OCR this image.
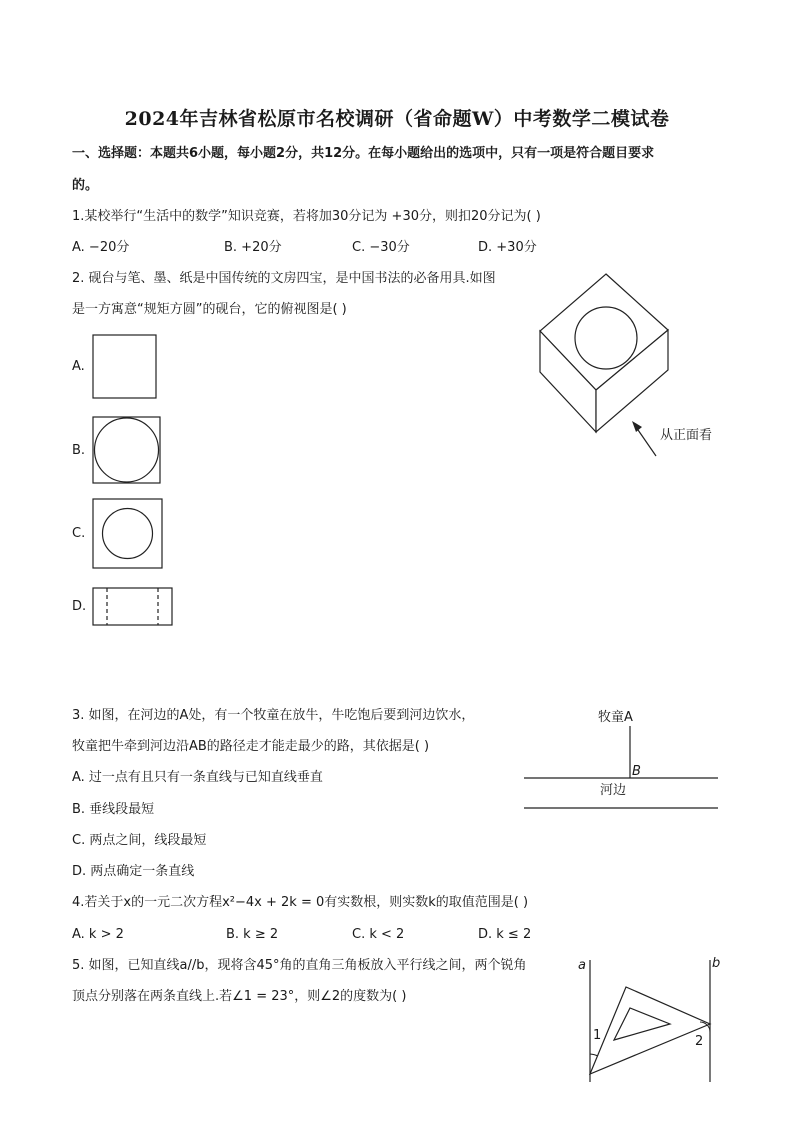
2024年吉林省松原市名校调研（省命题W）中考数学二模试卷
一、选择题：本题共6小题，每小题2分，共12分。在每小题给出的选项中，只有一项是符合题目要求
的。
1.某校举行“生活中的数学”知识竞赛，若将加30分记为 +30分，则扣20分记为( )
A. −20分	B. +20分	C. −30分	D. +30分
2. 砚台与笔、墨、纸是中国传统的文房四宝，是中国书法的必备用具.如图
是一方寓意“规矩方圆”的砚台，它的俯视图是( )
A.
B.
C.
D.
从正面看
3. 如图，在河边的A处，有一个牧童在放牛，牛吃饱后要到河边饮水，
牧童把牛牵到河边沿AB的路径走才能走最少的路，其依据是( )
A. 过一点有且只有一条直线与已知直线垂直
B. 垂线段最短
C. 两点之间，线段最短
D. 两点确定一条直线
牧童A
B
河边
4.若关于x的一元二次方程x²−4x + 2k = 0有实数根，则实数k的取值范围是( )
A. k > 2	B. k ≥ 2	C. k < 2	D. k ≤ 2
5. 如图，已知直线a//b，现将含45°角的直角三角板放入平行线之间，两个锐角
顶点分别落在两条直线上.若∠1 = 23°，则∠2的度数为( )
a	b
1	2
